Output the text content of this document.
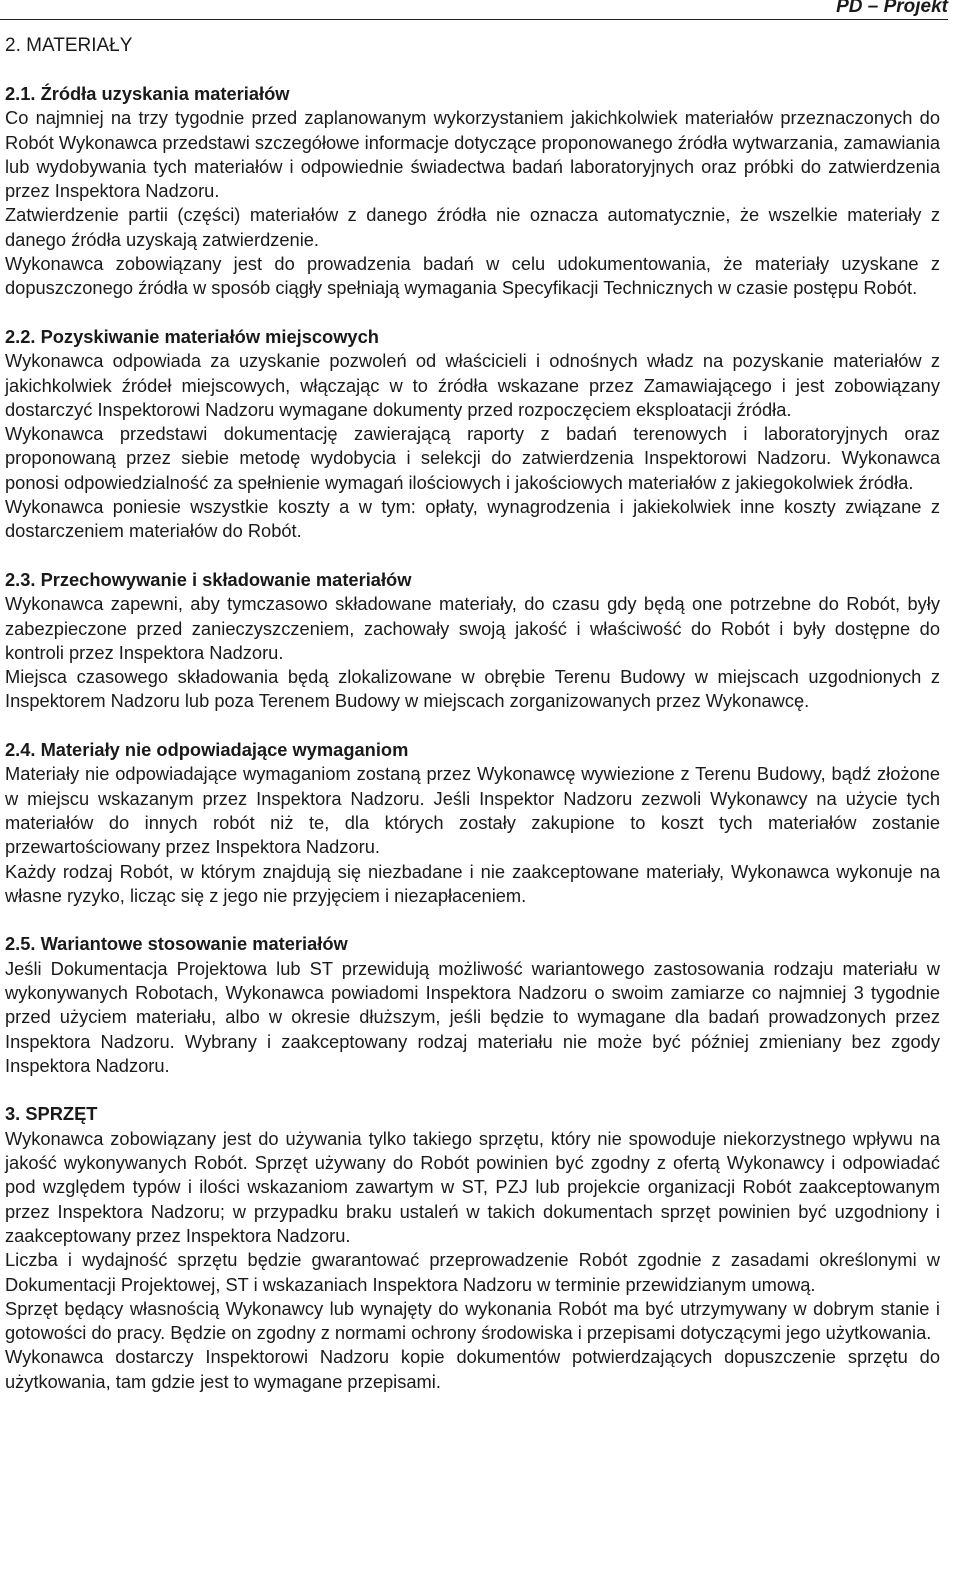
PD – Projekt
2. MATERIAŁY
2.1. Źródła uzyskania materiałów

Co najmniej na trzy tygodnie przed zaplanowanym wykorzystaniem jakichkolwiek materiałów przeznaczonych do Robót Wykonawca przedstawi szczegółowe informacje dotyczące proponowanego źródła wytwarzania, zamawiania lub wydobywania tych materiałów i odpowiednie świadectwa badań laboratoryjnych oraz próbki do zatwierdzenia przez Inspektora Nadzoru.

Zatwierdzenie partii (części) materiałów z danego źródła nie oznacza automatycznie, że wszelkie materiały z danego źródła uzyskają zatwierdzenie.

Wykonawca zobowiązany jest do prowadzenia badań w celu udokumentowania, że materiały uzyskane z dopuszczonego źródła w sposób ciągły spełniają wymagania Specyfikacji Technicznych w czasie postępu Robót.

2.2. Pozyskiwanie materiałów miejscowych

Wykonawca odpowiada za uzyskanie pozwoleń od właścicieli i odnośnych władz na pozyskanie materiałów z jakichkolwiek źródeł miejscowych, włączając w to źródła wskazane przez Zamawiającego i jest zobowiązany dostarczyć Inspektorowi Nadzoru wymagane dokumenty przed rozpoczęciem eksploatacji źródła.

Wykonawca przedstawi dokumentację zawierającą raporty z badań terenowych i laboratoryjnych oraz proponowaną przez siebie metodę wydobycia i selekcji do zatwierdzenia Inspektorowi Nadzoru. Wykonawca ponosi odpowiedzialność za spełnienie wymagań ilościowych i jakościowych materiałów z jakiegokolwiek źródła.

Wykonawca poniesie wszystkie koszty a w tym: opłaty, wynagrodzenia i jakiekolwiek inne koszty związane z dostarczeniem materiałów do Robót.

2.3. Przechowywanie i składowanie materiałów

Wykonawca zapewni, aby tymczasowo składowane materiały, do czasu gdy będą one potrzebne do Robót, były zabezpieczone przed zanieczyszczeniem, zachowały swoją jakość i właściwość do Robót i były dostępne do kontroli przez Inspektora Nadzoru.

Miejsca czasowego składowania będą zlokalizowane w obrębie Terenu Budowy w miejscach uzgodnionych z Inspektorem Nadzoru lub poza Terenem Budowy w miejscach zorganizowanych przez Wykonawcę.

2.4. Materiały nie odpowiadające wymaganiom

Materiały nie odpowiadające wymaganiom zostaną przez Wykonawcę wywiezione z Terenu Budowy, bądź złożone w miejscu wskazanym przez Inspektora Nadzoru. Jeśli Inspektor Nadzoru zezwoli Wykonawcy na użycie tych materiałów do innych robót niż te, dla których zostały zakupione to koszt tych materiałów zostanie przewartościowany przez Inspektora Nadzoru.

Każdy rodzaj Robót, w którym znajdują się niezbadane i nie zaakceptowane materiały, Wykonawca wykonuje na własne ryzyko, licząc się z jego nie przyjęciem i niezapłaceniem.

2.5. Wariantowe stosowanie materiałów

Jeśli Dokumentacja Projektowa lub ST przewidują możliwość wariantowego zastosowania rodzaju materiału w wykonywanych Robotach, Wykonawca powiadomi Inspektora Nadzoru o swoim zamiarze co najmniej 3 tygodnie przed użyciem materiału, albo w okresie dłuższym, jeśli będzie to wymagane dla badań prowadzonych przez Inspektora Nadzoru. Wybrany i zaakceptowany rodzaj materiału nie może być później zmieniany bez zgody Inspektora Nadzoru.

3. SPRZĘT

Wykonawca zobowiązany jest do używania tylko takiego sprzętu, który nie spowoduje niekorzystnego wpływu na jakość wykonywanych Robót. Sprzęt używany do Robót powinien być zgodny z ofertą Wykonawcy i odpowiadać pod względem typów i ilości wskazaniom zawartym w ST, PZJ lub projekcie organizacji Robót zaakceptowanym przez Inspektora Nadzoru; w przypadku braku ustaleń w takich dokumentach sprzęt powinien być uzgodniony i zaakceptowany przez Inspektora Nadzoru.

Liczba i wydajność sprzętu będzie gwarantować przeprowadzenie Robót zgodnie z zasadami określonymi w Dokumentacji Projektowej, ST i wskazaniach Inspektora Nadzoru w terminie przewidzianym umową.

Sprzęt będący własnością Wykonawcy lub wynajęty do wykonania Robót ma być utrzymywany w dobrym stanie i gotowości do pracy. Będzie on zgodny z normami ochrony środowiska i przepisami dotyczącymi jego użytkowania.

Wykonawca dostarczy Inspektorowi Nadzoru kopie dokumentów potwierdzających dopuszczenie sprzętu do użytkowania, tam gdzie jest to wymagane przepisami.
